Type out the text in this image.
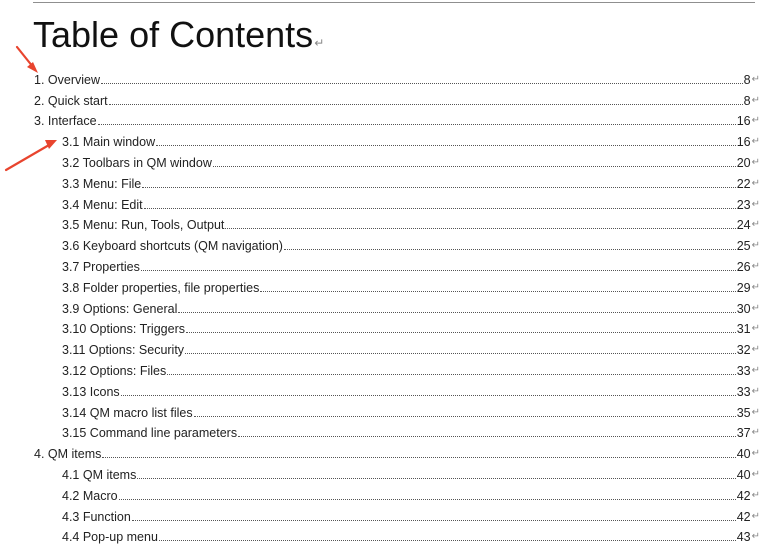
Table of Contents↵
1. Overview	8 ↵
2. Quick start	8 ↵
3. Interface	16 ↵
3.1 Main window	16 ↵
3.2 Toolbars in QM window	20 ↵
3.3 Menu: File	22 ↵
3.4 Menu: Edit	23 ↵
3.5 Menu: Run, Tools, Output	24 ↵
3.6 Keyboard shortcuts (QM navigation)	25 ↵
3.7 Properties	26 ↵
3.8 Folder properties, file properties	29 ↵
3.9 Options: General	30 ↵
3.10 Options: Triggers	31 ↵
3.11 Options: Security	32 ↵
3.12 Options: Files	33 ↵
3.13 Icons	33 ↵
3.14 QM macro list files	35 ↵
3.15 Command line parameters	37 ↵
4. QM items	40 ↵
4.1 QM items	40 ↵
4.2 Macro	42 ↵
4.3 Function	42 ↵
4.4 Pop-up menu	43 ↵
